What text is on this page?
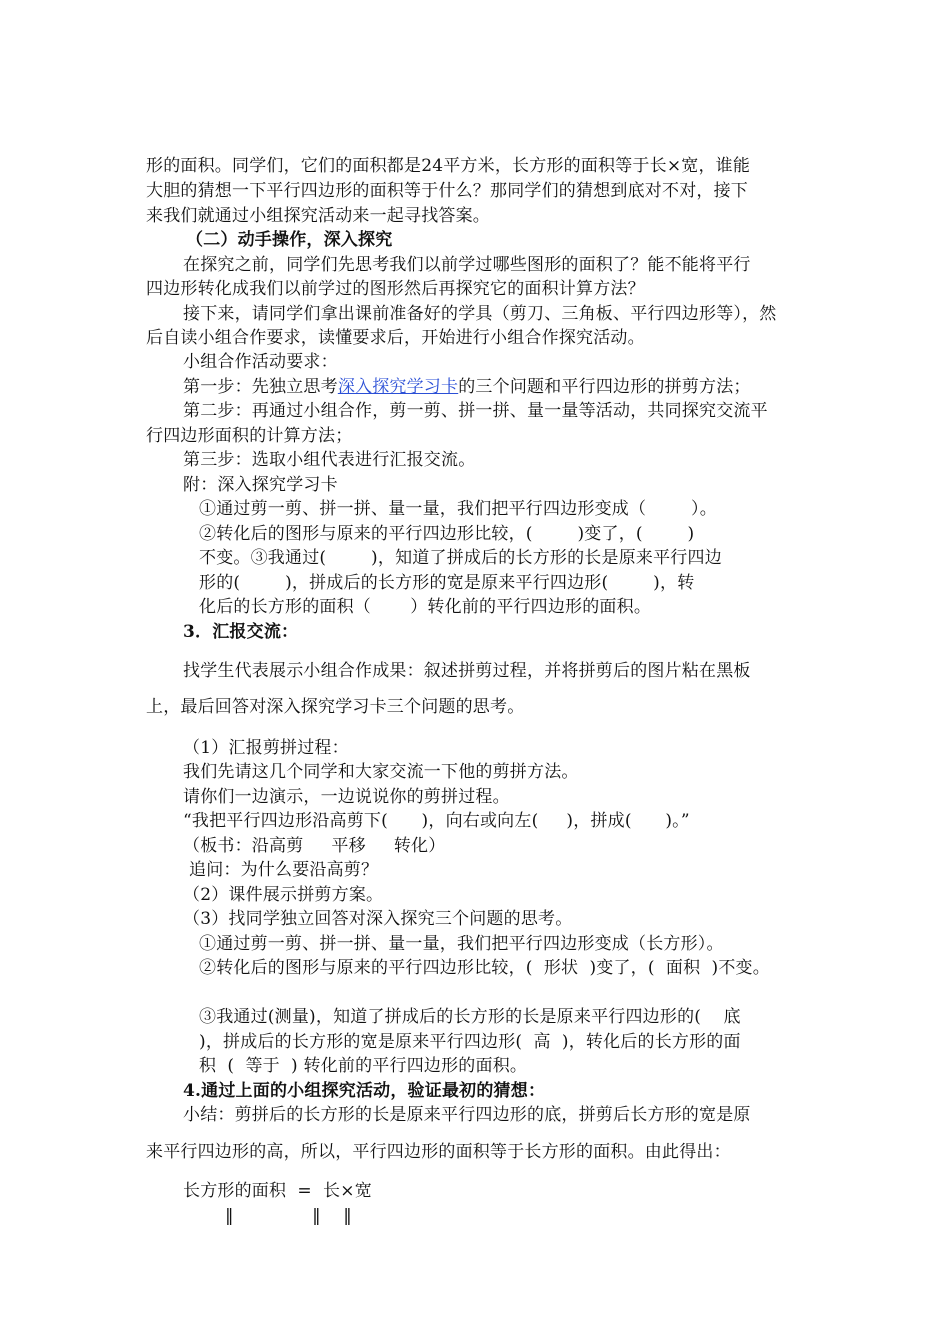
形的面积。同学们，它们的面积都是24平方米，长方形的面积等于长×宽，谁能
大胆的猜想一下平行四边形的面积等于什么？那同学们的猜想到底对不对，接下
来我们就通过小组探究活动来一起寻找答案。
（二）动手操作，深入探究
在探究之前，同学们先思考我们以前学过哪些图形的面积了？能不能将平行
四边形转化成我们以前学过的图形然后再探究它的面积计算方法？
接下来，请同学们拿出课前准备好的学具（剪刀、三角板、平行四边形等），然
后自读小组合作要求，读懂要求后，开始进行小组合作探究活动。
小组合作活动要求：
第一步：先独立思考深入探究学习卡的三个问题和平行四边形的拼剪方法；
第二步：再通过小组合作，剪一剪、拼一拼、量一量等活动，共同探究交流平
行四边形面积的计算方法；
第三步：选取小组代表进行汇报交流。
附：深入探究学习卡
①通过剪一剪、拼一拼、量一量，我们把平行四边形变成（        ）。
②转化后的图形与原来的平行四边形比较，(        )变了，(        )
不变。③我通过(        )，知道了拼成后的长方形的长是原来平行四边
形的(        )，拼成后的长方形的宽是原来平行四边形(        )，转
化后的长方形的面积（       ）转化前的平行四边形的面积。
3．汇报交流：
找学生代表展示小组合作成果：叙述拼剪过程，并将拼剪后的图片粘在黑板
上，最后回答对深入探究学习卡三个问题的思考。
（1）汇报剪拼过程：
我们先请这几个同学和大家交流一下他的剪拼方法。
请你们一边演示，一边说说你的剪拼过程。
“我把平行四边形沿高剪下(      )，向右或向左(     )，拼成(      )。”
（板书：沿高剪     平移     转化）
追问：为什么要沿高剪？
（2）课件展示拼剪方案。
（3）找同学独立回答对深入探究三个问题的思考。
①通过剪一剪、拼一拼、量一量，我们把平行四边形变成（长方形）。
②转化后的图形与原来的平行四边形比较，(  形状  )变了，(  面积  )不变。
③我通过(测量)，知道了拼成后的长方形的长是原来平行四边形的(    底
)，拼成后的长方形的宽是原来平行四边形(  高  )，转化后的长方形的面
积  (  等于  ) 转化前的平行四边形的面积。
4.通过上面的小组探究活动，验证最初的猜想：
小结：剪拼后的长方形的长是原来平行四边形的底，拼剪后长方形的宽是原
来平行四边形的高，所以，平行四边形的面积等于长方形的面积。由此得出：
长方形的面积  =  长×宽
‖              ‖    ‖
